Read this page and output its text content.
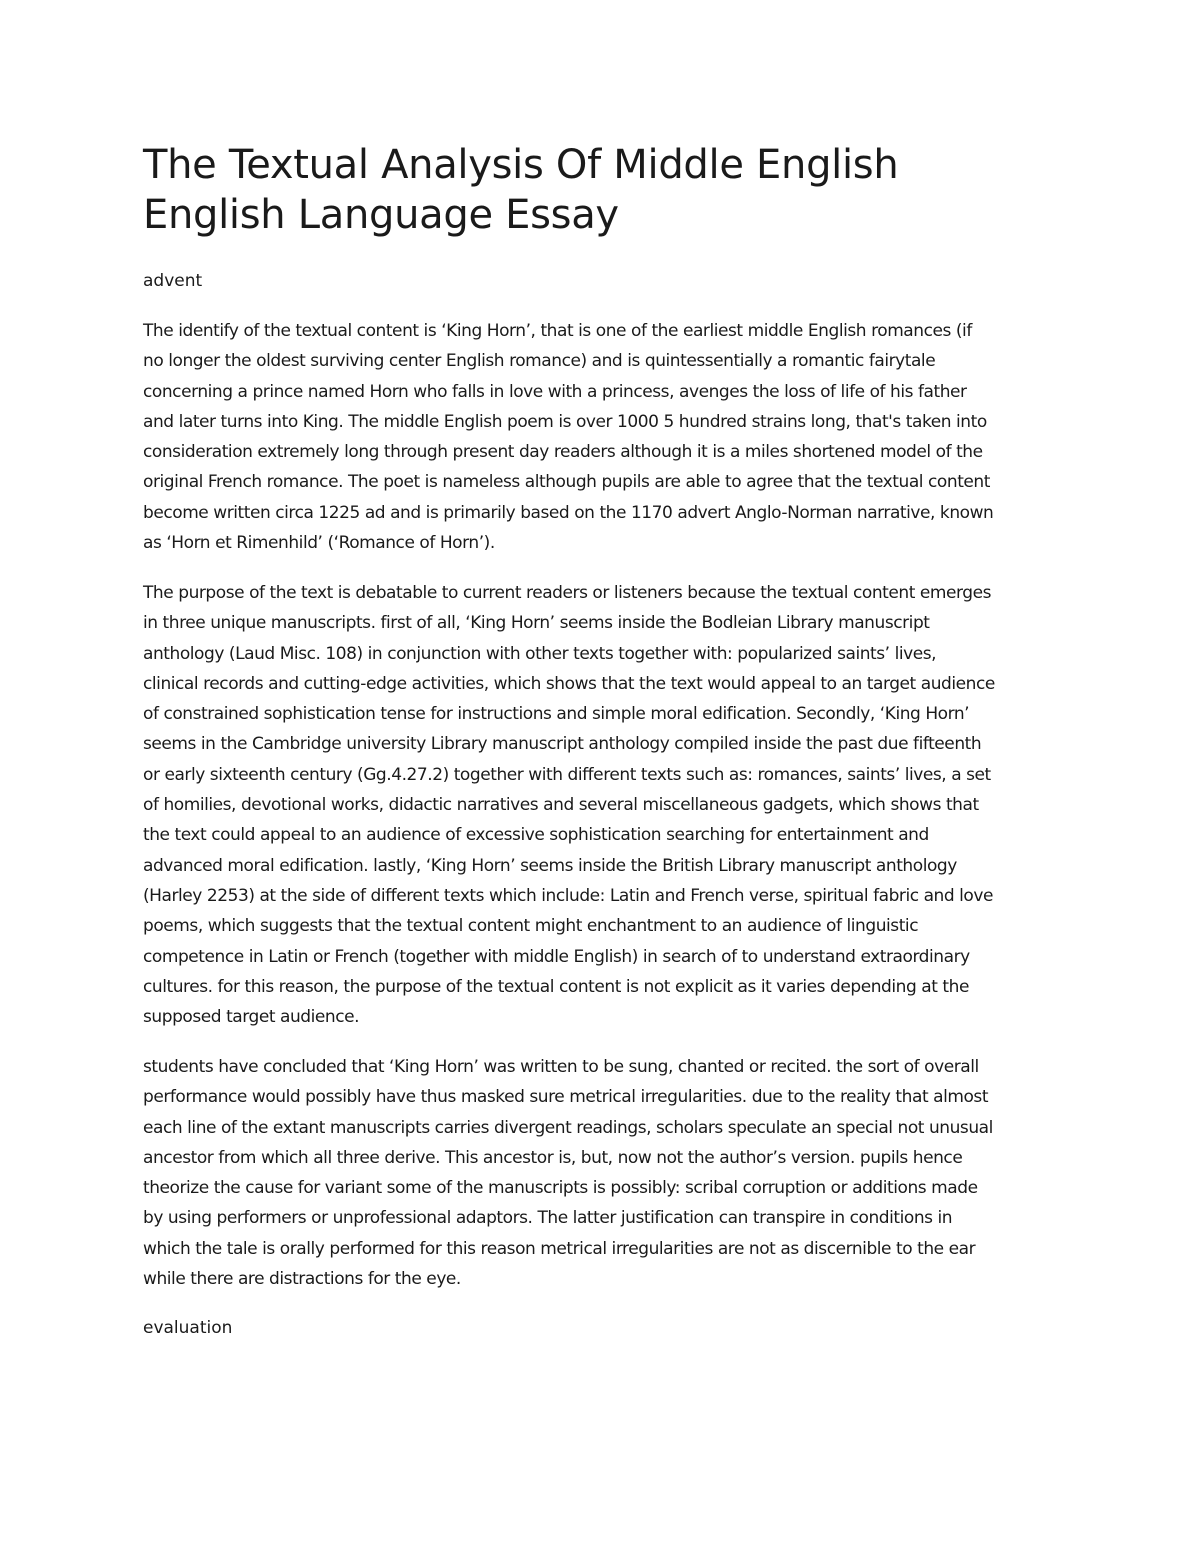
The Textual Analysis Of Middle English
English Language Essay
advent

The identify of the textual content is ‘King Horn’, that is one of the earliest middle English romances (if
no longer the oldest surviving center English romance) and is quintessentially a romantic fairytale
concerning a prince named Horn who falls in love with a princess, avenges the loss of life of his father
and later turns into King. The middle English poem is over 1000 5 hundred strains long, that's taken into
consideration extremely long through present day readers although it is a miles shortened model of the
original French romance. The poet is nameless although pupils are able to agree that the textual content
become written circa 1225 ad and is primarily based on the 1170 advert Anglo-Norman narrative, known
as ‘Horn et Rimenhild’ (‘Romance of Horn’).

The purpose of the text is debatable to current readers or listeners because the textual content emerges
in three unique manuscripts. first of all, ‘King Horn’ seems inside the Bodleian Library manuscript
anthology (Laud Misc. 108) in conjunction with other texts together with: popularized saints’ lives,
clinical records and cutting-edge activities, which shows that the text would appeal to an target audience
of constrained sophistication tense for instructions and simple moral edification. Secondly, ‘King Horn’
seems in the Cambridge university Library manuscript anthology compiled inside the past due fifteenth
or early sixteenth century (Gg.4.27.2) together with different texts such as: romances, saints’ lives, a set
of homilies, devotional works, didactic narratives and several miscellaneous gadgets, which shows that
the text could appeal to an audience of excessive sophistication searching for entertainment and
advanced moral edification. lastly, ‘King Horn’ seems inside the British Library manuscript anthology
(Harley 2253) at the side of different texts which include: Latin and French verse, spiritual fabric and love
poems, which suggests that the textual content might enchantment to an audience of linguistic
competence in Latin or French (together with middle English) in search of to understand extraordinary
cultures. for this reason, the purpose of the textual content is not explicit as it varies depending at the
supposed target audience.

students have concluded that ‘King Horn’ was written to be sung, chanted or recited. the sort of overall
performance would possibly have thus masked sure metrical irregularities. due to the reality that almost
each line of the extant manuscripts carries divergent readings, scholars speculate an special not unusual
ancestor from which all three derive. This ancestor is, but, now not the author’s version. pupils hence
theorize the cause for variant some of the manuscripts is possibly: scribal corruption or additions made
by using performers or unprofessional adaptors. The latter justification can transpire in conditions in
which the tale is orally performed for this reason metrical irregularities are not as discernible to the ear
while there are distractions for the eye.

evaluation
